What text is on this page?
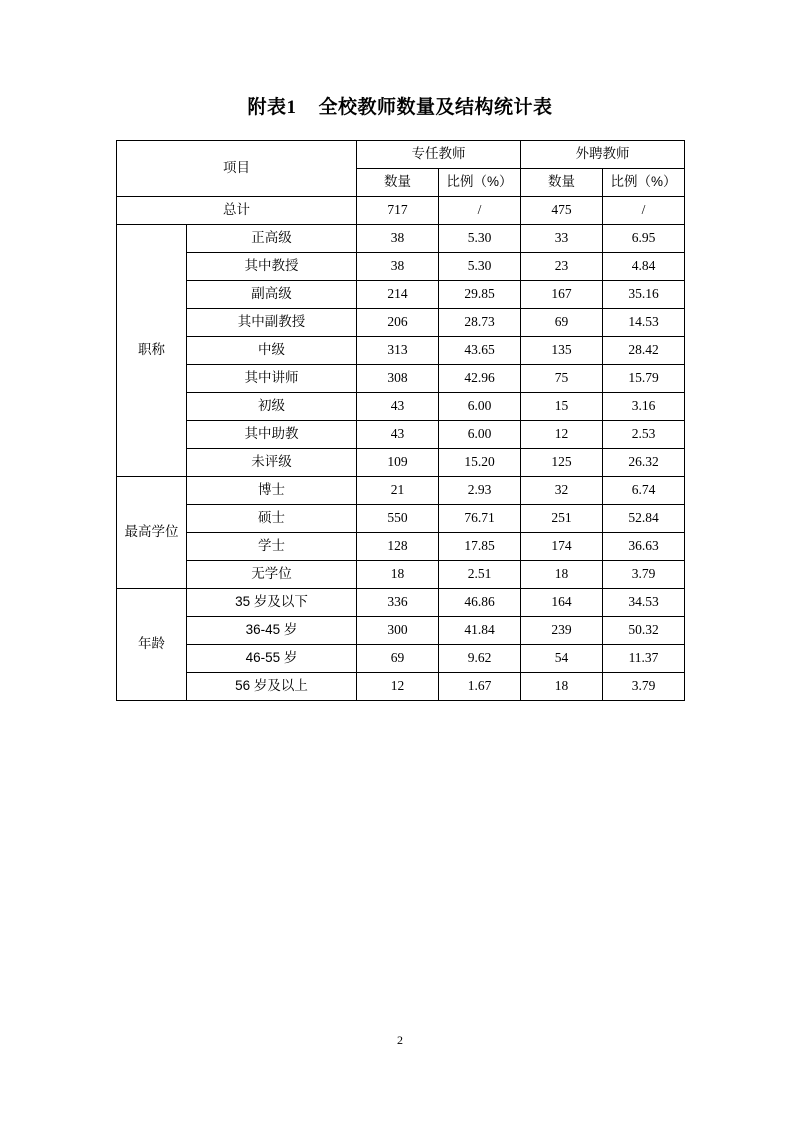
附表1 全校教师数量及结构统计表
项目		专任教师		外聘教师	
		数量	比例（%）	数量	比例（%）
总计		717	/	475	/
职称	正高级	38	5.30	33	6.95
	其中教授	38	5.30	23	4.84
	副高级	214	29.85	167	35.16
	其中副教授	206	28.73	69	14.53
	中级	313	43.65	135	28.42
	其中讲师	308	42.96	75	15.79
	初级	43	6.00	15	3.16
	其中助教	43	6.00	12	2.53
	未评级	109	15.20	125	26.32
最高学位	博士	21	2.93	32	6.74
	硕士	550	76.71	251	52.84
	学士	128	17.85	174	36.63
	无学位	18	2.51	18	3.79
年龄	35 岁及以下	336	46.86	164	34.53
	36-45 岁	300	41.84	239	50.32
	46-55 岁	69	9.62	54	11.37
	56 岁及以上	12	1.67	18	3.79
2
